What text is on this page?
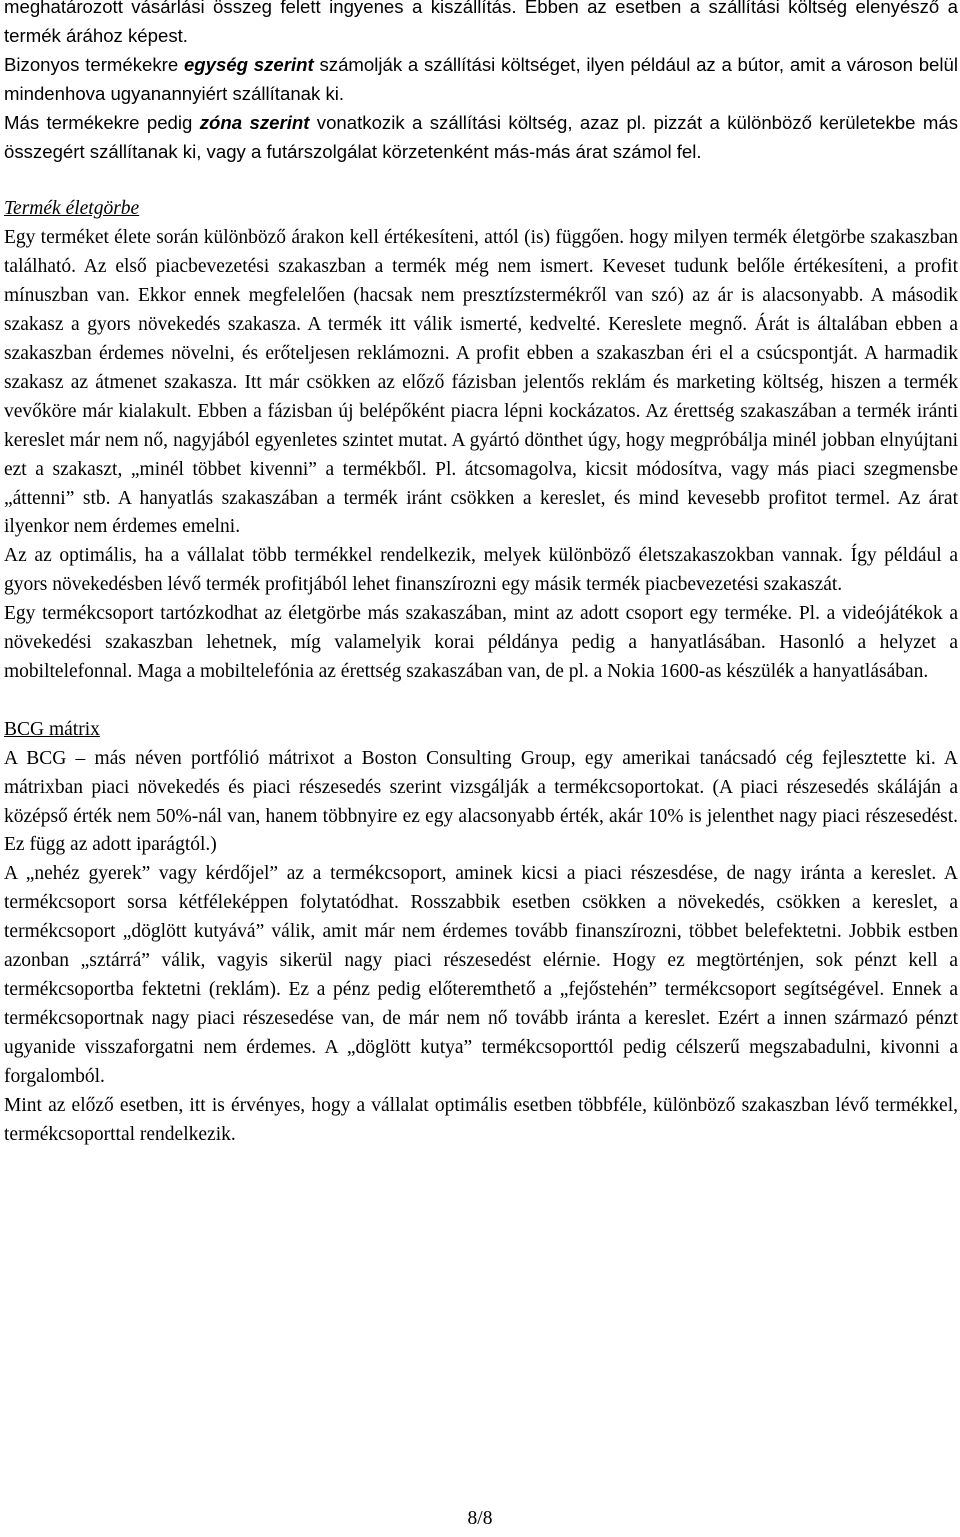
meghatározott vásárlási összeg felett ingyenes a kiszállítás. Ebben az esetben a szállítási költség elenyésző a termék árához képest.

Bizonyos termékekre egység szerint számolják a szállítási költséget, ilyen például az a bútor, amit a városon belül mindenhova ugyanannyiért szállítanak ki.

Más termékekre pedig zóna szerint vonatkozik a szállítási költség, azaz pl. pizzát a különböző kerületekbe más összegért szállítanak ki, vagy a futárszolgálat körzetenként más-más árat számol fel.

Termék életgörbe

Egy terméket élete során különböző árakon kell értékesíteni, attól (is) függően. hogy milyen termék életgörbe szakaszban található. Az első piacbevezetési szakaszban a termék még nem ismert. Keveset tudunk belőle értékesíteni, a profit mínuszban van. Ekkor ennek megfelelően (hacsak nem presztízstermékről van szó) az ár is alacsonyabb. A második szakasz a gyors növekedés szakasza. A termék itt válik ismerté, kedvelté. Kereslete megnő. Árát is általában ebben a szakaszban érdemes növelni, és erőteljesen reklámozni. A profit ebben a szakaszban éri el a csúcspontját. A harmadik szakasz az átmenet szakasza. Itt már csökken az előző fázisban jelentős reklám és marketing költség, hiszen a termék vevőköre már kialakult. Ebben a fázisban új belépőként piacra lépni kockázatos. Az érettség szakaszában a termék iránti kereslet már nem nő, nagyjából egyenletes szintet mutat. A gyártó dönthet úgy, hogy megpróbálja minél jobban elnyújtani ezt a szakaszt, „minél többet kivenni” a termékből. Pl. átcsomagolva, kicsit módosítva, vagy más piaci szegmensbe „áttenni” stb. A hanyatlás szakaszában a termék iránt csökken a kereslet, és mind kevesebb profitot termel. Az árat ilyenkor nem érdemes emelni.

Az az optimális, ha a vállalat több termékkel rendelkezik, melyek különböző életszakaszokban vannak. Így például a gyors növekedésben lévő termék profitjából lehet finanszírozni egy másik termék piacbevezetési szakaszát.

Egy termékcsoport tartózkodhat az életgörbe más szakaszában, mint az adott csoport egy terméke. Pl. a videójátékok a növekedési szakaszban lehetnek, míg valamelyik korai példánya pedig a hanyatlásában. Hasonló a helyzet a mobiltelefonnal. Maga a mobiltelefónia az érettség szakaszában van, de pl. a Nokia 1600-as készülék a hanyatlásában.

BCG mátrix

A BCG – más néven portfólió mátrixot a Boston Consulting Group, egy amerikai tanácsadó cég fejlesztette ki. A mátrixban piaci növekedés és piaci részesedés szerint vizsgálják a termékcsoportokat. (A piaci részesedés skáláján a középső érték nem 50%-nál van, hanem többnyire ez egy alacsonyabb érték, akár 10% is jelenthet nagy piaci részesedést. Ez függ az adott iparágtól.)

A „nehéz gyerek” vagy kérdőjel” az a termékcsoport, aminek kicsi a piaci részesdése, de nagy iránta a kereslet. A termékcsoport sorsa kétféleképpen folytatódhat. Rosszabbik esetben csökken a növekedés, csökken a kereslet, a termékcsoport „döglött kutyává” válik, amit már nem érdemes tovább finanszírozni, többet belefektetni. Jobbik estben azonban „sztárrá” válik, vagyis sikerül nagy piaci részesedést elérnie. Hogy ez megtörténjen, sok pénzt kell a termékcsoportba fektetni (reklám). Ez a pénz pedig előteremthető a „fejőstehén” termékcsoport segítségével. Ennek a termékcsoportnak nagy piaci részesedése van, de már nem nő tovább iránta a kereslet. Ezért a innen származó pénzt ugyanide visszaforgatni nem érdemes. A „döglött kutya” termékcsoporttól pedig célszerű megszabadulni, kivonni a forgalomból.

Mint az előző esetben, itt is érvényes, hogy a vállalat optimális esetben többféle, különböző szakaszban lévő termékkel, termékcsoporttal rendelkezik.

8/8
